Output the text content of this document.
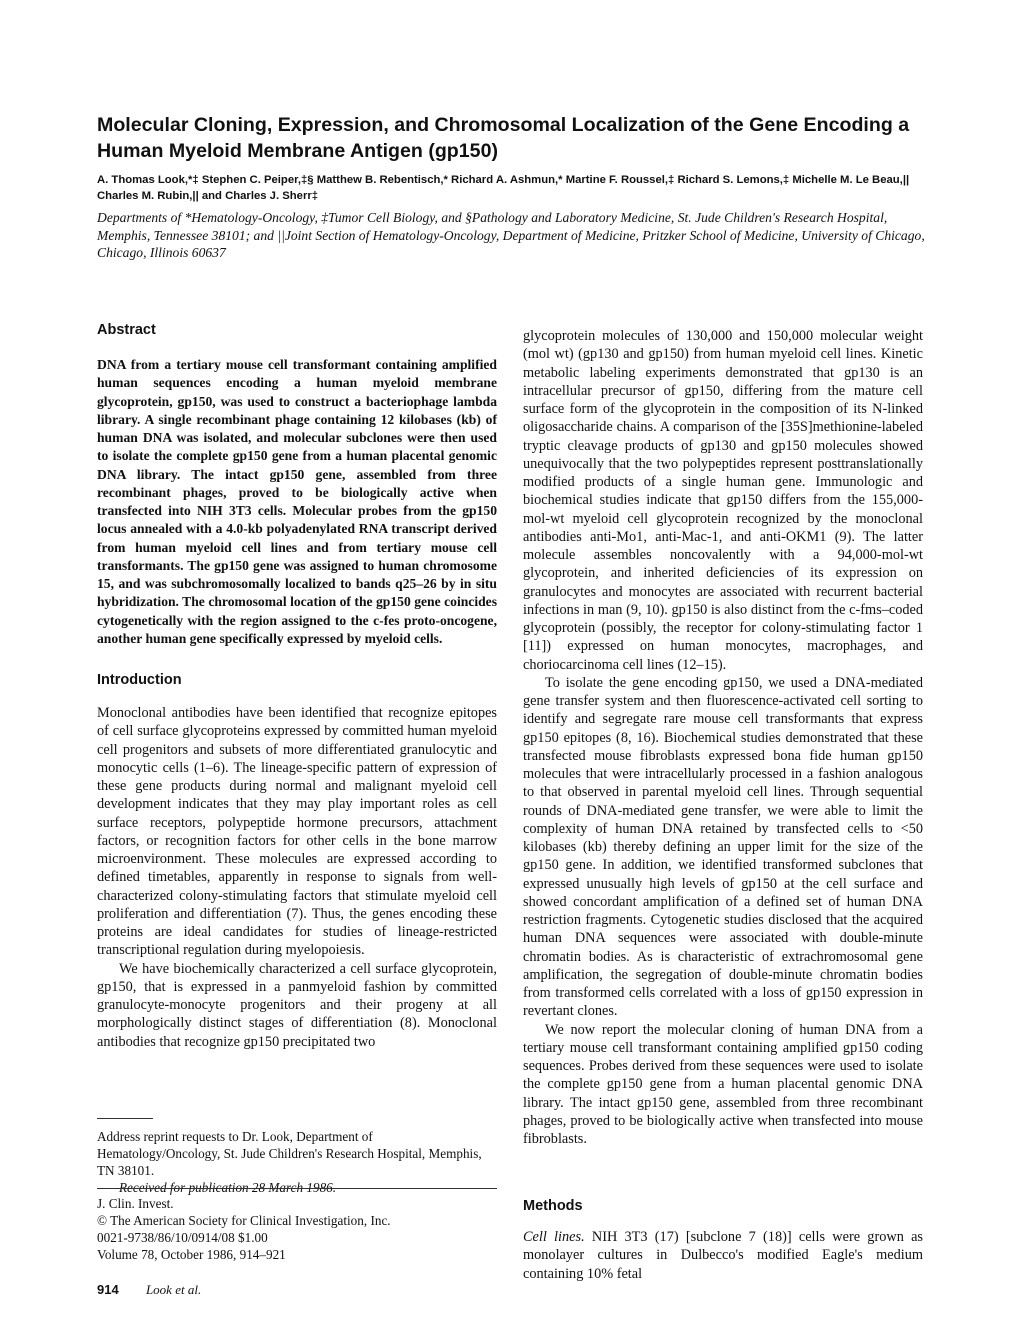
Molecular Cloning, Expression, and Chromosomal Localization of the Gene Encoding a Human Myeloid Membrane Antigen (gp150)

A. Thomas Look,*‡ Stephen C. Peiper,‡§ Matthew B. Rebentisch,* Richard A. Ashmun,* Martine F. Roussel,‡ Richard S. Lemons,‡ Michelle M. Le Beau,|| Charles M. Rubin,|| and Charles J. Sherr‡

Departments of *Hematology-Oncology, ‡Tumor Cell Biology, and §Pathology and Laboratory Medicine, St. Jude Children's Research Hospital, Memphis, Tennessee 38101; and ||Joint Section of Hematology-Oncology, Department of Medicine, Pritzker School of Medicine, University of Chicago, Chicago, Illinois 60637

Abstract

DNA from a tertiary mouse cell transformant containing amplified human sequences encoding a human myeloid membrane glycoprotein, gp150, was used to construct a bacteriophage lambda library. A single recombinant phage containing 12 kilobases (kb) of human DNA was isolated, and molecular subclones were then used to isolate the complete gp150 gene from a human placental genomic DNA library. The intact gp150 gene, assembled from three recombinant phages, proved to be biologically active when transfected into NIH 3T3 cells. Molecular probes from the gp150 locus annealed with a 4.0-kb polyadenylated RNA transcript derived from human myeloid cell lines and from tertiary mouse cell transformants. The gp150 gene was assigned to human chromosome 15, and was subchromosomally localized to bands q25–26 by in situ hybridization. The chromosomal location of the gp150 gene coincides cytogenetically with the region assigned to the c-fes proto-oncogene, another human gene specifically expressed by myeloid cells.

Introduction

Monoclonal antibodies have been identified that recognize epitopes of cell surface glycoproteins expressed by committed human myeloid cell progenitors and subsets of more differentiated granulocytic and monocytic cells (1–6). The lineage-specific pattern of expression of these gene products during normal and malignant myeloid cell development indicates that they may play important roles as cell surface receptors, polypeptide hormone precursors, attachment factors, or recognition factors for other cells in the bone marrow microenvironment. These molecules are expressed according to defined timetables, apparently in response to signals from well-characterized colony-stimulating factors that stimulate myeloid cell proliferation and differentiation (7). Thus, the genes encoding these proteins are ideal candidates for studies of lineage-restricted transcriptional regulation during myelopoiesis.

We have biochemically characterized a cell surface glycoprotein, gp150, that is expressed in a panmyeloid fashion by committed granulocyte-monocyte progenitors and their progeny at all morphologically distinct stages of differentiation (8). Monoclonal antibodies that recognize gp150 precipitated two

Address reprint requests to Dr. Look, Department of Hematology/Oncology, St. Jude Children's Research Hospital, Memphis, TN 38101.
Received for publication 28 March 1986.

J. Clin. Invest.
© The American Society for Clinical Investigation, Inc.
0021-9738/86/10/0914/08 $1.00
Volume 78, October 1986, 914–921
914 Look et al.

glycoprotein molecules of 130,000 and 150,000 molecular weight (mol wt) (gp130 and gp150) from human myeloid cell lines. Kinetic metabolic labeling experiments demonstrated that gp130 is an intracellular precursor of gp150, differing from the mature cell surface form of the glycoprotein in the composition of its N-linked oligosaccharide chains. A comparison of the [35S]methionine-labeled tryptic cleavage products of gp130 and gp150 molecules showed unequivocally that the two polypeptides represent posttranslationally modified products of a single human gene. Immunologic and biochemical studies indicate that gp150 differs from the 155,000-mol-wt myeloid cell glycoprotein recognized by the monoclonal antibodies anti-Mo1, anti-Mac-1, and anti-OKM1 (9). The latter molecule assembles noncovalently with a 94,000-mol-wt glycoprotein, and inherited deficiencies of its expression on granulocytes and monocytes are associated with recurrent bacterial infections in man (9, 10). gp150 is also distinct from the c-fms–coded glycoprotein (possibly, the receptor for colony-stimulating factor 1 [11]) expressed on human monocytes, macrophages, and choriocarcinoma cell lines (12–15).

To isolate the gene encoding gp150, we used a DNA-mediated gene transfer system and then fluorescence-activated cell sorting to identify and segregate rare mouse cell transformants that express gp150 epitopes (8, 16). Biochemical studies demonstrated that these transfected mouse fibroblasts expressed bona fide human gp150 molecules that were intracellularly processed in a fashion analogous to that observed in parental myeloid cell lines. Through sequential rounds of DNA-mediated gene transfer, we were able to limit the complexity of human DNA retained by transfected cells to <50 kilobases (kb) thereby defining an upper limit for the size of the gp150 gene. In addition, we identified transformed subclones that expressed unusually high levels of gp150 at the cell surface and showed concordant amplification of a defined set of human DNA restriction fragments. Cytogenetic studies disclosed that the acquired human DNA sequences were associated with double-minute chromatin bodies. As is characteristic of extrachromosomal gene amplification, the segregation of double-minute chromatin bodies from transformed cells correlated with a loss of gp150 expression in revertant clones.

We now report the molecular cloning of human DNA from a tertiary mouse cell transformant containing amplified gp150 coding sequences. Probes derived from these sequences were used to isolate the complete gp150 gene from a human placental genomic DNA library. The intact gp150 gene, assembled from three recombinant phages, proved to be biologically active when transfected into mouse fibroblasts.

Methods

Cell lines. NIH 3T3 (17) [subclone 7 (18)] cells were grown as monolayer cultures in Dulbecco's modified Eagle's medium containing 10% fetal
